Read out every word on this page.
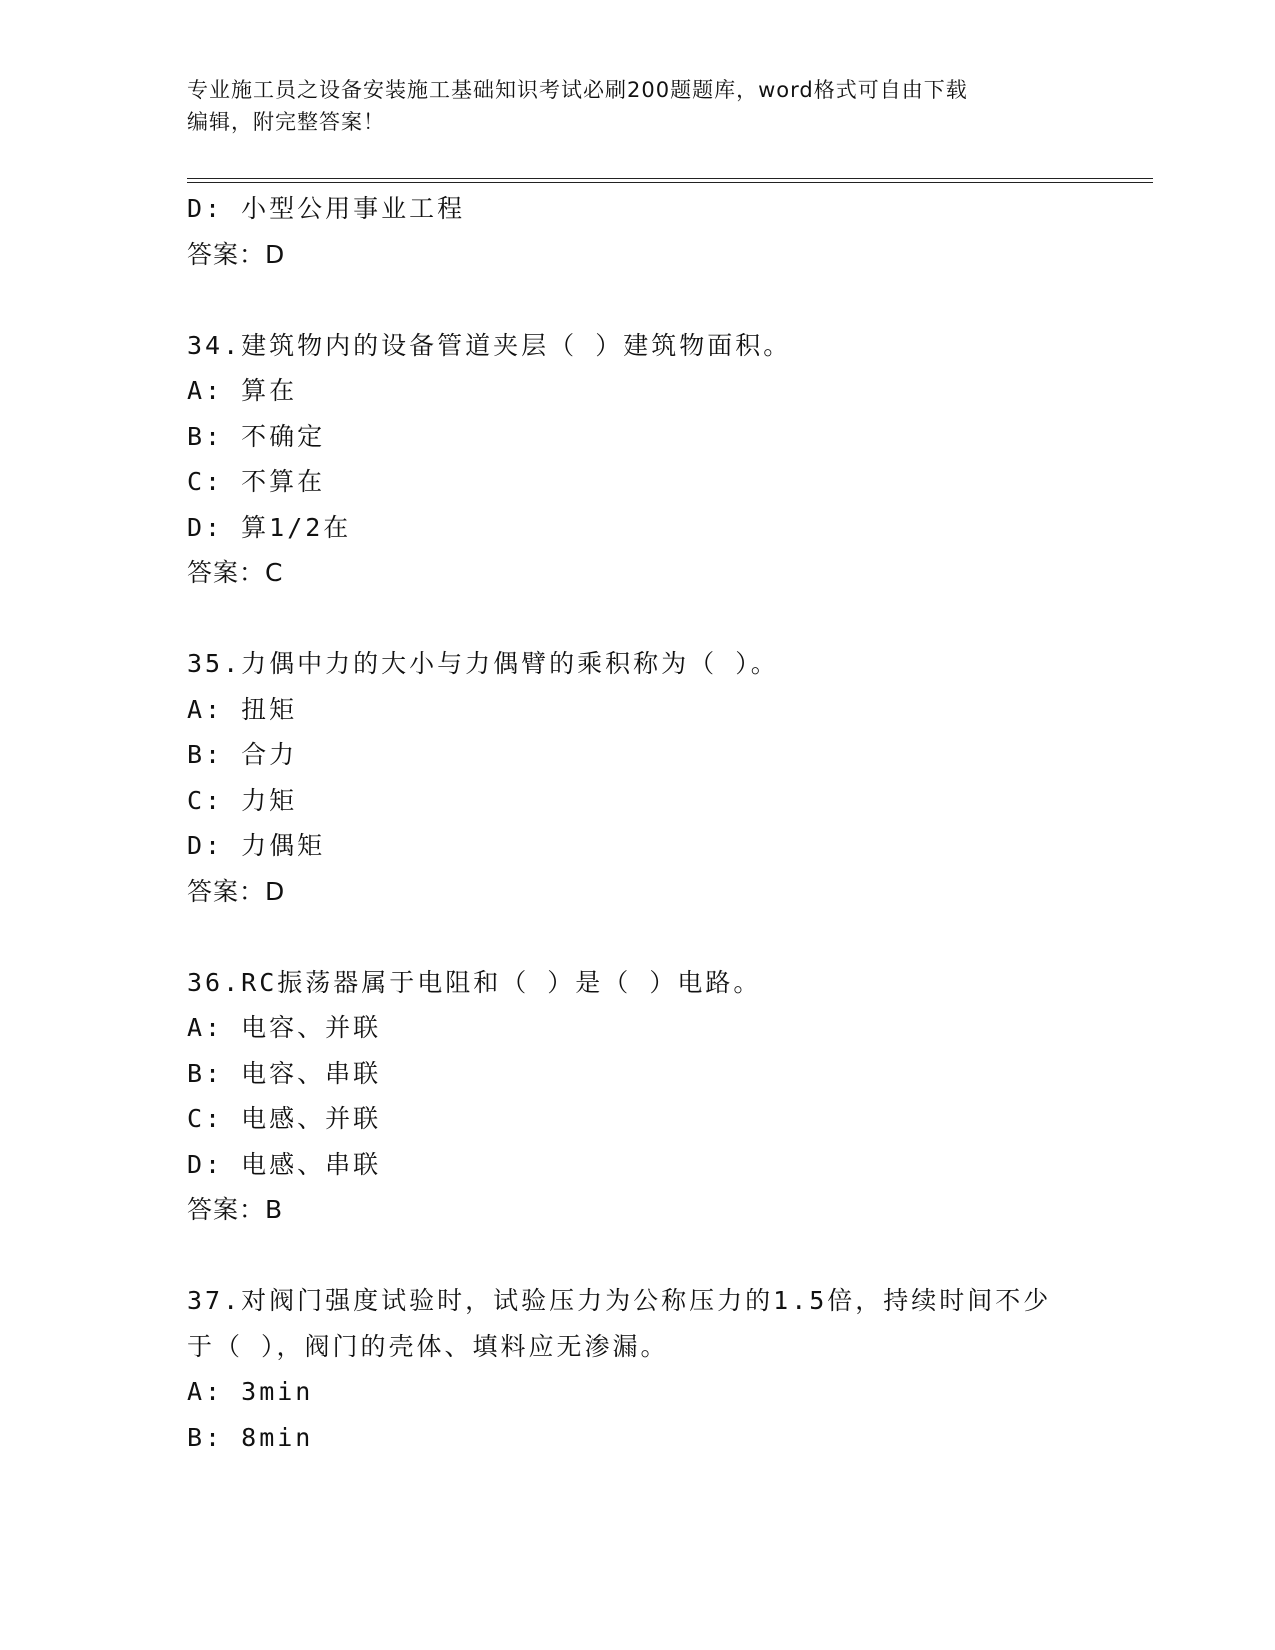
专业施工员之设备安装施工基础知识考试必刷200题题库，word格式可自由下载
编辑，附完整答案！
D: 小型公用事业工程
答案：D
34.建筑物内的设备管道夹层（ ）建筑物面积。
A: 算在
B: 不确定
C: 不算在
D: 算1/2在
答案：C
35.力偶中力的大小与力偶臂的乘积称为（ ）。
A: 扭矩
B: 合力
C: 力矩
D: 力偶矩
答案：D
36.RC振荡器属于电阻和（ ）是（ ）电路。
A: 电容、并联
B: 电容、串联
C: 电感、并联
D: 电感、串联
答案：B
37.对阀门强度试验时，试验压力为公称压力的1.5倍，持续时间不少
于（ ），阀门的壳体、填料应无渗漏。
A: 3min
B: 8min
